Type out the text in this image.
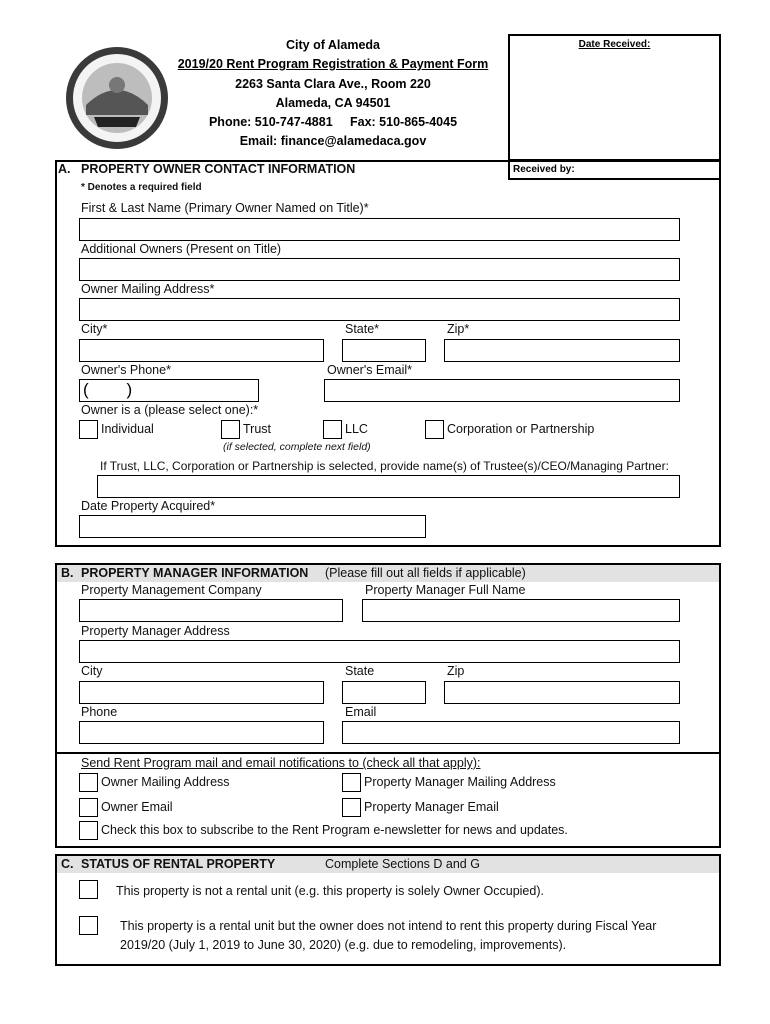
City of Alameda
2019/20 Rent Program Registration & Payment Form
2263 Santa Clara Ave., Room 220
Alameda, CA 94501
Phone: 510-747-4881     Fax: 510-865-4045
Email: finance@alamedaca.gov
Date Received:
Received by:
A. PROPERTY OWNER CONTACT INFORMATION
* Denotes a required field
First & Last Name (Primary Owner Named on Title)*
Additional Owners (Present on Title)
Owner Mailing Address*
City*	State*	Zip*
Owner's Phone*	Owner's Email*
(        )
Owner is a (please select one):*
Individual	Trust	LLC	Corporation or Partnership
(if selected, complete next field)
If Trust, LLC, Corporation or Partnership is selected, provide name(s) of Trustee(s)/CEO/Managing Partner:
Date Property Acquired*
B. PROPERTY MANAGER INFORMATION (Please fill out all fields if applicable)
Property Management Company	Property Manager Full Name
Property Manager Address
City	State	Zip
Phone	Email
Send Rent Program mail and email notifications to (check all that apply):
Owner Mailing Address	Property Manager Mailing Address
Owner Email	Property Manager Email
Check this box to subscribe to the Rent Program e-newsletter for news and updates.
C. STATUS OF RENTAL PROPERTY	Complete Sections D and G
This property is not a rental unit (e.g. this property is solely Owner Occupied).
This property is a rental unit but the owner does not intend to rent this property during Fiscal Year
2019/20 (July 1, 2019 to June 30, 2020) (e.g. due to remodeling, improvements).
